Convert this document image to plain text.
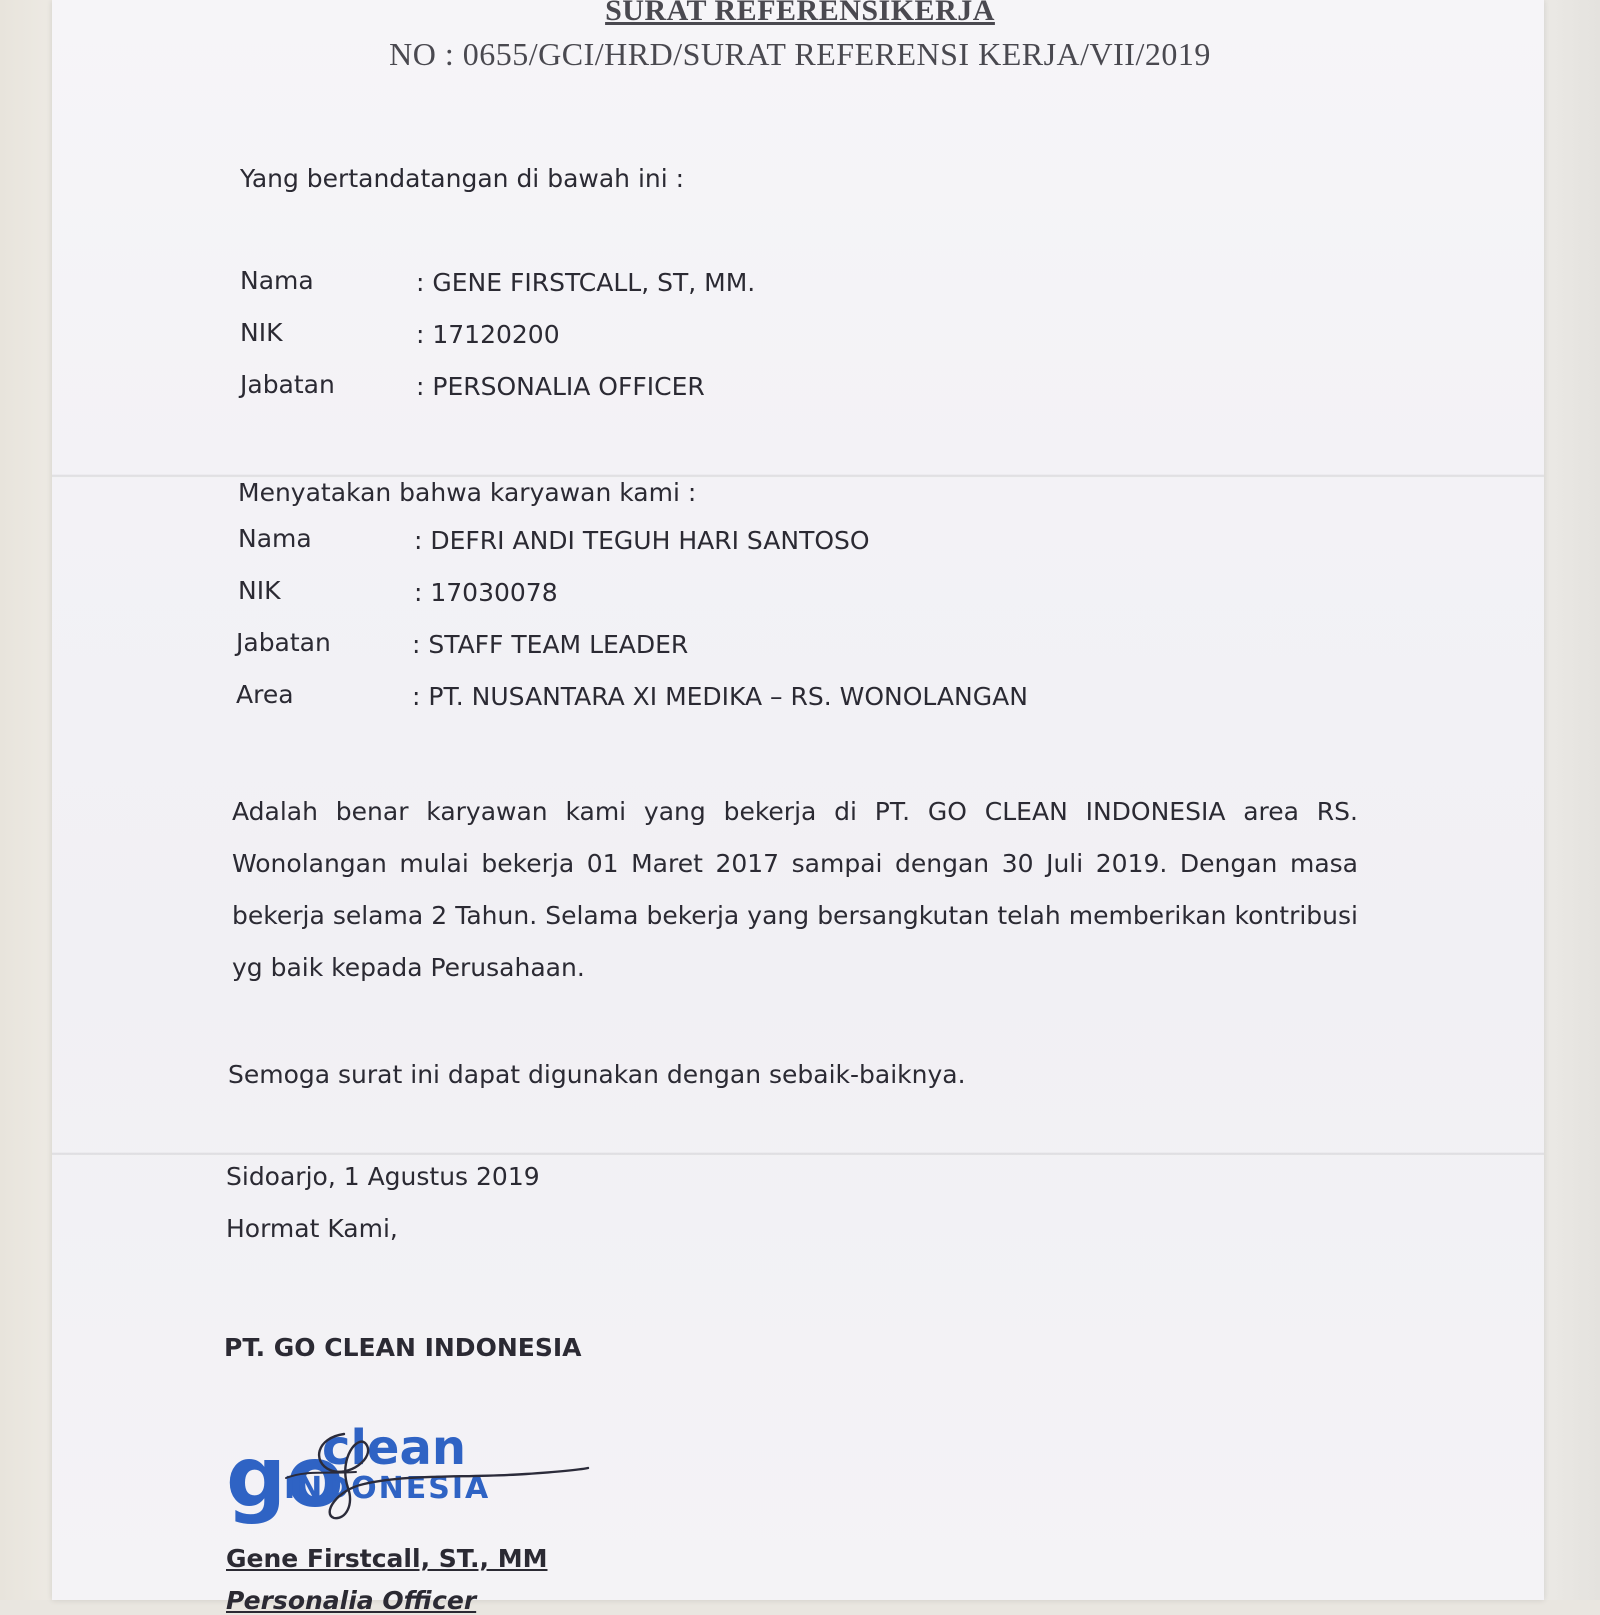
SURAT REFERENSIKERJA
NO : 0655/GCI/HRD/SURAT REFERENSI KERJA/VII/2019
Yang bertandatangan di bawah ini :
Nama	: GENE FIRSTCALL, ST, MM.
NIK	: 17120200
Jabatan	: PERSONALIA OFFICER
Menyatakan bahwa karyawan kami :
Nama	: DEFRI ANDI TEGUH HARI SANTOSO
NIK	: 17030078
Jabatan	: STAFF TEAM LEADER
Area	: PT. NUSANTARA XI MEDIKA – RS. WONOLANGAN
Adalah benar karyawan kami yang bekerja di PT. GO CLEAN INDONESIA area RS. Wonolangan mulai bekerja 01 Maret 2017 sampai dengan 30 Juli 2019. Dengan masa bekerja selama 2 Tahun. Selama bekerja yang bersangkutan telah memberikan kontribusi yg baik kepada Perusahaan.
Semoga surat ini dapat digunakan dengan sebaik-baiknya.
Sidoarjo, 1 Agustus 2019
Hormat Kami,
PT. GO CLEAN INDONESIA
go
clean
INDONESIA
Gene Firstcall, ST., MM
Personalia Officer
